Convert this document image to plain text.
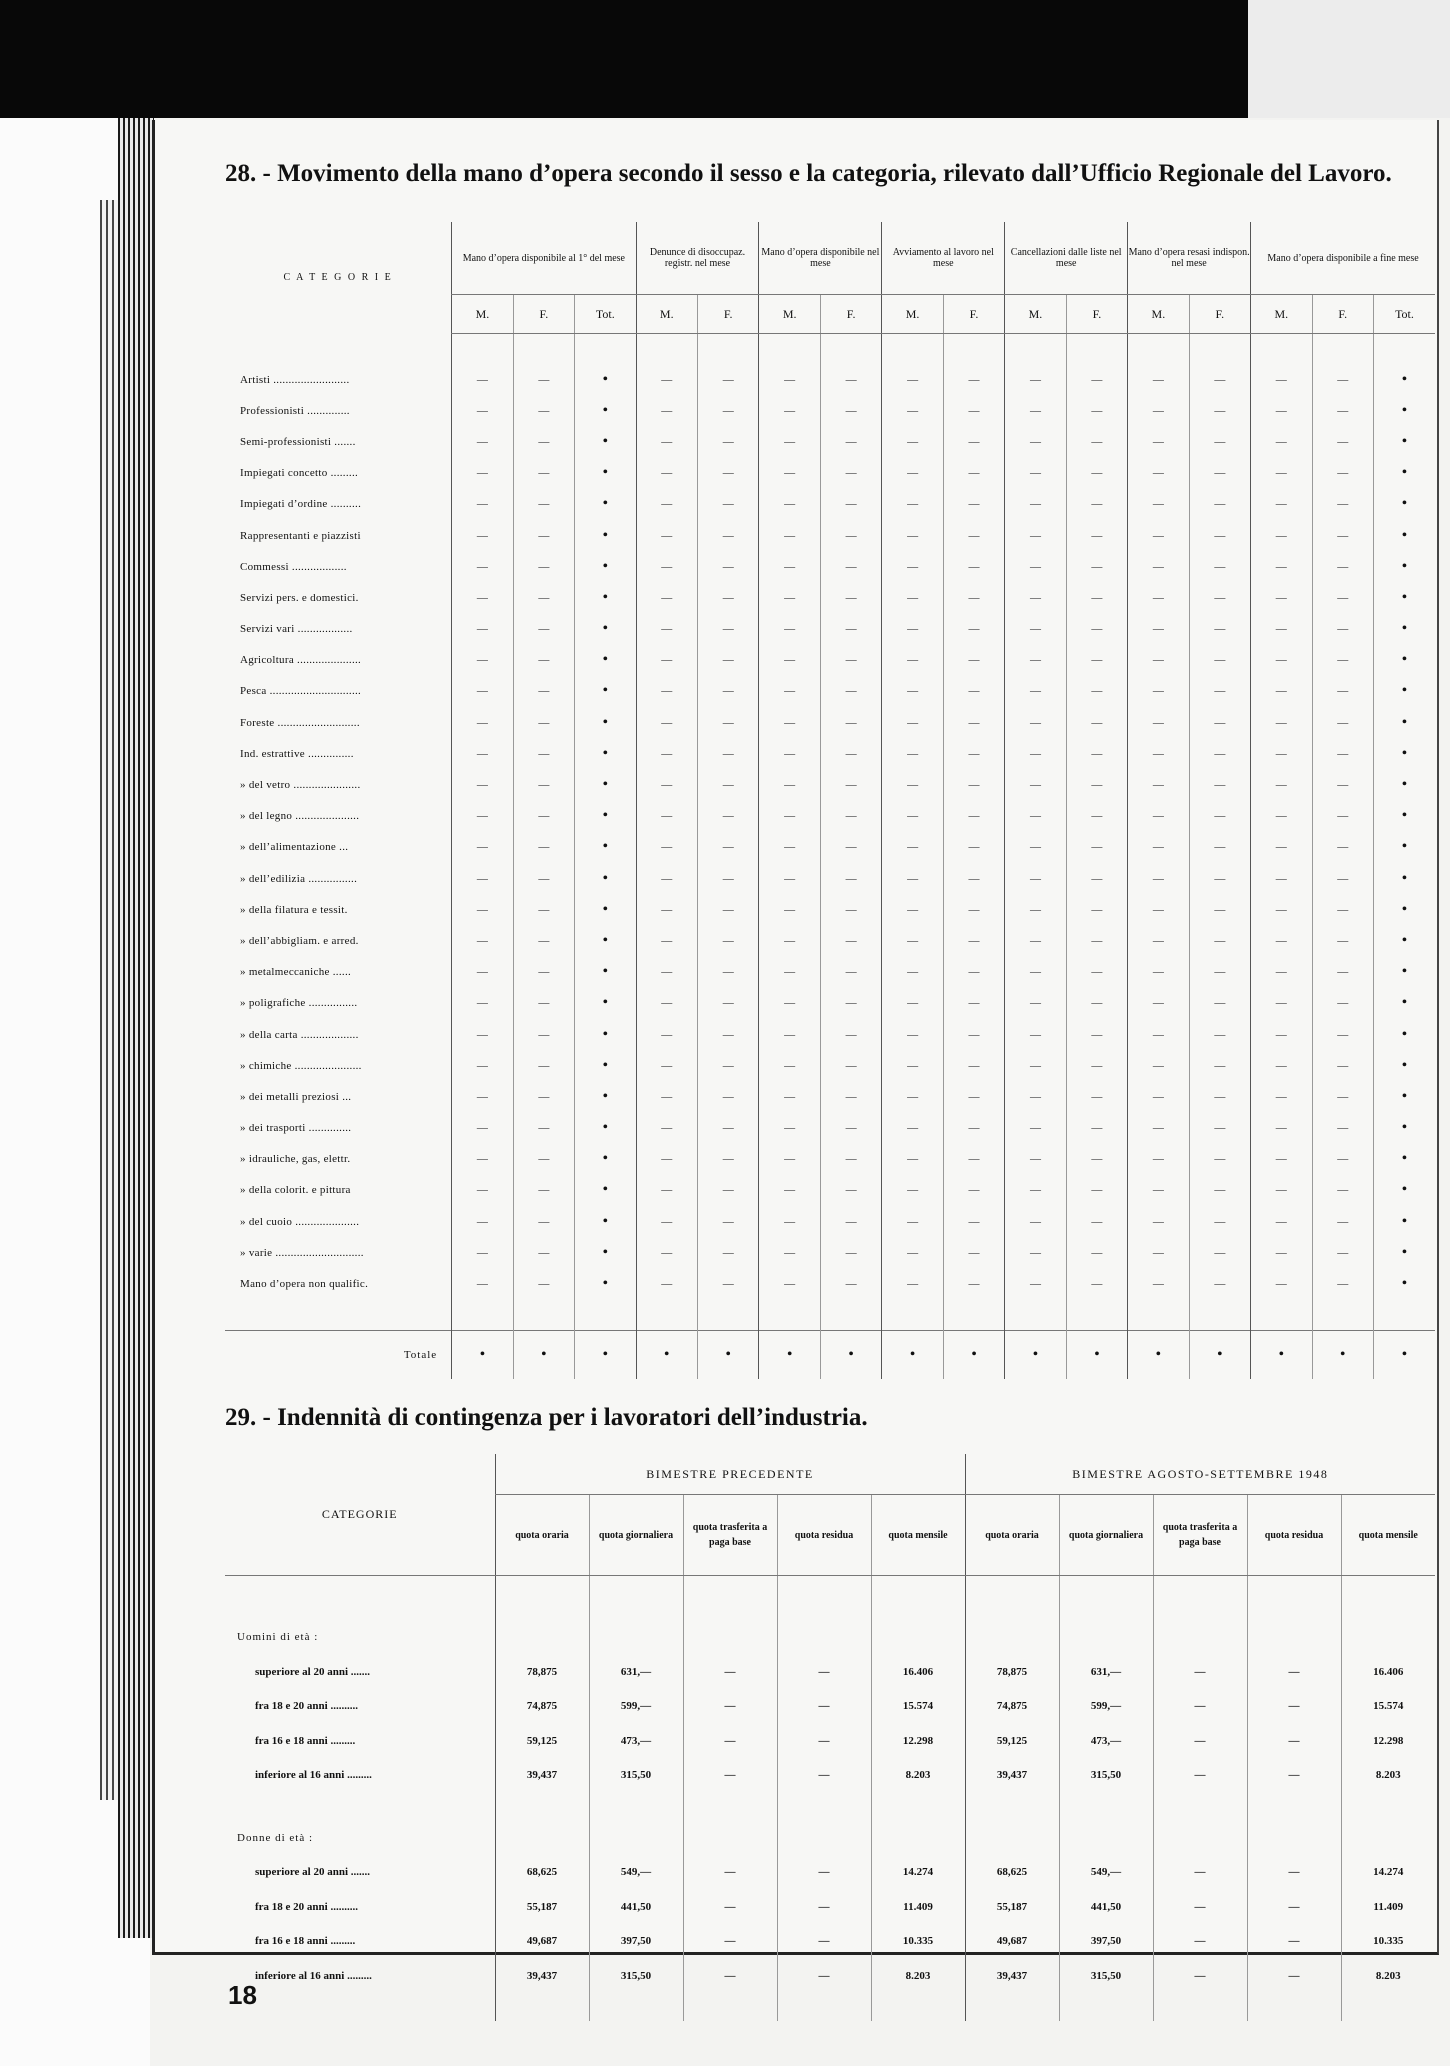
28. - Movimento della mano d’opera secondo il sesso e la categoria, rilevato dall’Ufficio Regionale del Lavoro.
C A T E G O R I E	Mano d’opera disponibile al 1° del mese			Denunce di disoccupaz. registr. nel mese		Mano d’opera disponibile nel mese		Avviamento al lavoro nel mese		Cancellazioni dalle liste nel mese		Mano d’opera resasi indispon. nel mese		Mano d’opera disponibile a fine mese		
	M.	F.	Tot.	M.	F.	M.	F.	M.	F.	M.	F.	M.	F.	M.	F.	Tot.

Artisti .........................	—	—	•	—	—	—	—	—	—	—	—	—	—	—	—	•
Professionisti ..............	—	—	•	—	—	—	—	—	—	—	—	—	—	—	—	•
Semi-professionisti .......	—	—	•	—	—	—	—	—	—	—	—	—	—	—	—	•
Impiegati concetto .........	—	—	•	—	—	—	—	—	—	—	—	—	—	—	—	•
Impiegati d’ordine ..........	—	—	•	—	—	—	—	—	—	—	—	—	—	—	—	•
Rappresentanti e piazzisti	—	—	•	—	—	—	—	—	—	—	—	—	—	—	—	•
Commessi ..................	—	—	•	—	—	—	—	—	—	—	—	—	—	—	—	•
Servizi pers. e domestici.	—	—	•	—	—	—	—	—	—	—	—	—	—	—	—	•
Servizi vari ..................	—	—	•	—	—	—	—	—	—	—	—	—	—	—	—	•
Agricoltura .....................	—	—	•	—	—	—	—	—	—	—	—	—	—	—	—	•
Pesca ..............................	—	—	•	—	—	—	—	—	—	—	—	—	—	—	—	•
Foreste ...........................	—	—	•	—	—	—	—	—	—	—	—	—	—	—	—	•
Ind. estrattive ...............	—	—	•	—	—	—	—	—	—	—	—	—	—	—	—	•
» del vetro ......................	—	—	•	—	—	—	—	—	—	—	—	—	—	—	—	•
» del legno .....................	—	—	•	—	—	—	—	—	—	—	—	—	—	—	—	•
» dell’alimentazione ...	—	—	•	—	—	—	—	—	—	—	—	—	—	—	—	•
» dell’edilizia ................	—	—	•	—	—	—	—	—	—	—	—	—	—	—	—	•
» della filatura e tessit.	—	—	•	—	—	—	—	—	—	—	—	—	—	—	—	•
» dell’abbigliam. e arred.	—	—	•	—	—	—	—	—	—	—	—	—	—	—	—	•
» metalmeccaniche ......	—	—	•	—	—	—	—	—	—	—	—	—	—	—	—	•
» poligrafiche ................	—	—	•	—	—	—	—	—	—	—	—	—	—	—	—	•
» della carta ...................	—	—	•	—	—	—	—	—	—	—	—	—	—	—	—	•
» chimiche ......................	—	—	•	—	—	—	—	—	—	—	—	—	—	—	—	•
» dei metalli preziosi ...	—	—	•	—	—	—	—	—	—	—	—	—	—	—	—	•
» dei trasporti ..............	—	—	•	—	—	—	—	—	—	—	—	—	—	—	—	•
» idrauliche, gas, elettr.	—	—	•	—	—	—	—	—	—	—	—	—	—	—	—	•
» della colorit. e pittura	—	—	•	—	—	—	—	—	—	—	—	—	—	—	—	•
» del cuoio .....................	—	—	•	—	—	—	—	—	—	—	—	—	—	—	—	•
» varie .............................	—	—	•	—	—	—	—	—	—	—	—	—	—	—	—	•
Mano d’opera non qualific.	—	—	•	—	—	—	—	—	—	—	—	—	—	—	—	•

Totale	•	•	•	•	•	•	•	•	•	•	•	•	•	•	•	•
29. - Indennità di contingenza per i lavoratori dell’industria.
CATEGORIE	BIMESTRE PRECEDENTE					BIMESTRE AGOSTO-SETTEMBRE 1948				
	quota oraria	quota giornaliera	quota trasferita a paga base	quota residua	quota mensile	quota oraria	quota giornaliera	quota trasferita a paga base	quota residua	quota mensile

Uomini di età :										
superiore al 20 anni .......	78,875	631,—	—	—	16.406	78,875	631,—	—	—	16.406
fra 18 e 20 anni ..........	74,875	599,—	—	—	15.574	74,875	599,—	—	—	15.574
fra 16 e 18 anni .........	59,125	473,—	—	—	12.298	59,125	473,—	—	—	12.298
inferiore al 16 anni .........	39,437	315,50	—	—	8.203	39,437	315,50	—	—	8.203

Donne di età :										
superiore al 20 anni .......	68,625	549,—	—	—	14.274	68,625	549,—	—	—	14.274
fra 18 e 20 anni ..........	55,187	441,50	—	—	11.409	55,187	441,50	—	—	11.409
fra 16 e 18 anni .........	49,687	397,50	—	—	10.335	49,687	397,50	—	—	10.335
inferiore al 16 anni .........	39,437	315,50	—	—	8.203	39,437	315,50	—	—	8.203

18
